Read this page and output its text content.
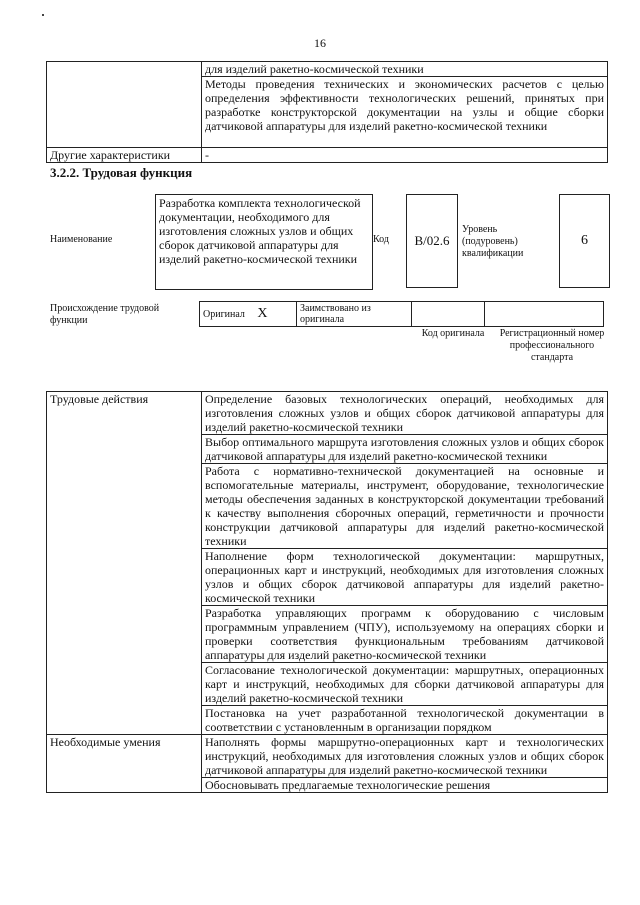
16
	для изделий ракетно-космической техники
	Методы проведения технических и экономических расчетов с целью определения эффективности технологических решений, принятых при разработке конструкторской документации на узлы и общие сборки датчиковой аппаратуры для изделий ракетно-космической техники
Другие характеристики	-
3.2.2. Трудовая функция
Наименование
Разработка комплекта технологической документации, необходимого для изготовления сложных узлов и общих сборок датчиковой аппаратуры для изделий ракетно-космической техники
Код B/02.6
Уровень (подуровень) квалификации
6
Происхождение трудовой функции
Оригинал X	Заимствовано из оригинала		
Код оригинала	Регистрационный номер профессионального стандарта
Трудовые действия	Определение базовых технологических операций, необходимых для изготовления сложных узлов и общих сборок датчиковой аппаратуры для изделий ракетно-космической техники
	Выбор оптимального маршрута изготовления сложных узлов и общих сборок датчиковой аппаратуры для изделий ракетно-космической техники
	Работа с нормативно-технической документацией на основные и вспомогательные материалы, инструмент, оборудование, технологические методы обеспечения заданных в конструкторской документации требований к качеству выполнения сборочных операций, герметичности и прочности конструкции датчиковой аппаратуры для изделий ракетно-космической техники
	Наполнение форм технологической документации: маршрутных, операционных карт и инструкций, необходимых для изготовления сложных узлов и общих сборок датчиковой аппаратуры для изделий ракетно-космической техники
	Разработка управляющих программ к оборудованию с числовым программным управлением (ЧПУ), используемому на операциях сборки и проверки соответствия функциональным требованиям датчиковой аппаратуры для изделий ракетно-космической техники
	Согласование технологической документации: маршрутных, операционных карт и инструкций, необходимых для сборки датчиковой аппаратуры для изделий ракетно-космической техники
	Постановка на учет разработанной технологической документации в соответствии с установленным в организации порядком
Необходимые умения	Наполнять формы маршрутно-операционных карт и технологических инструкций, необходимых для изготовления сложных узлов и общих сборок датчиковой аппаратуры для изделий ракетно-космической техники
	Обосновывать предлагаемые технологические решения
